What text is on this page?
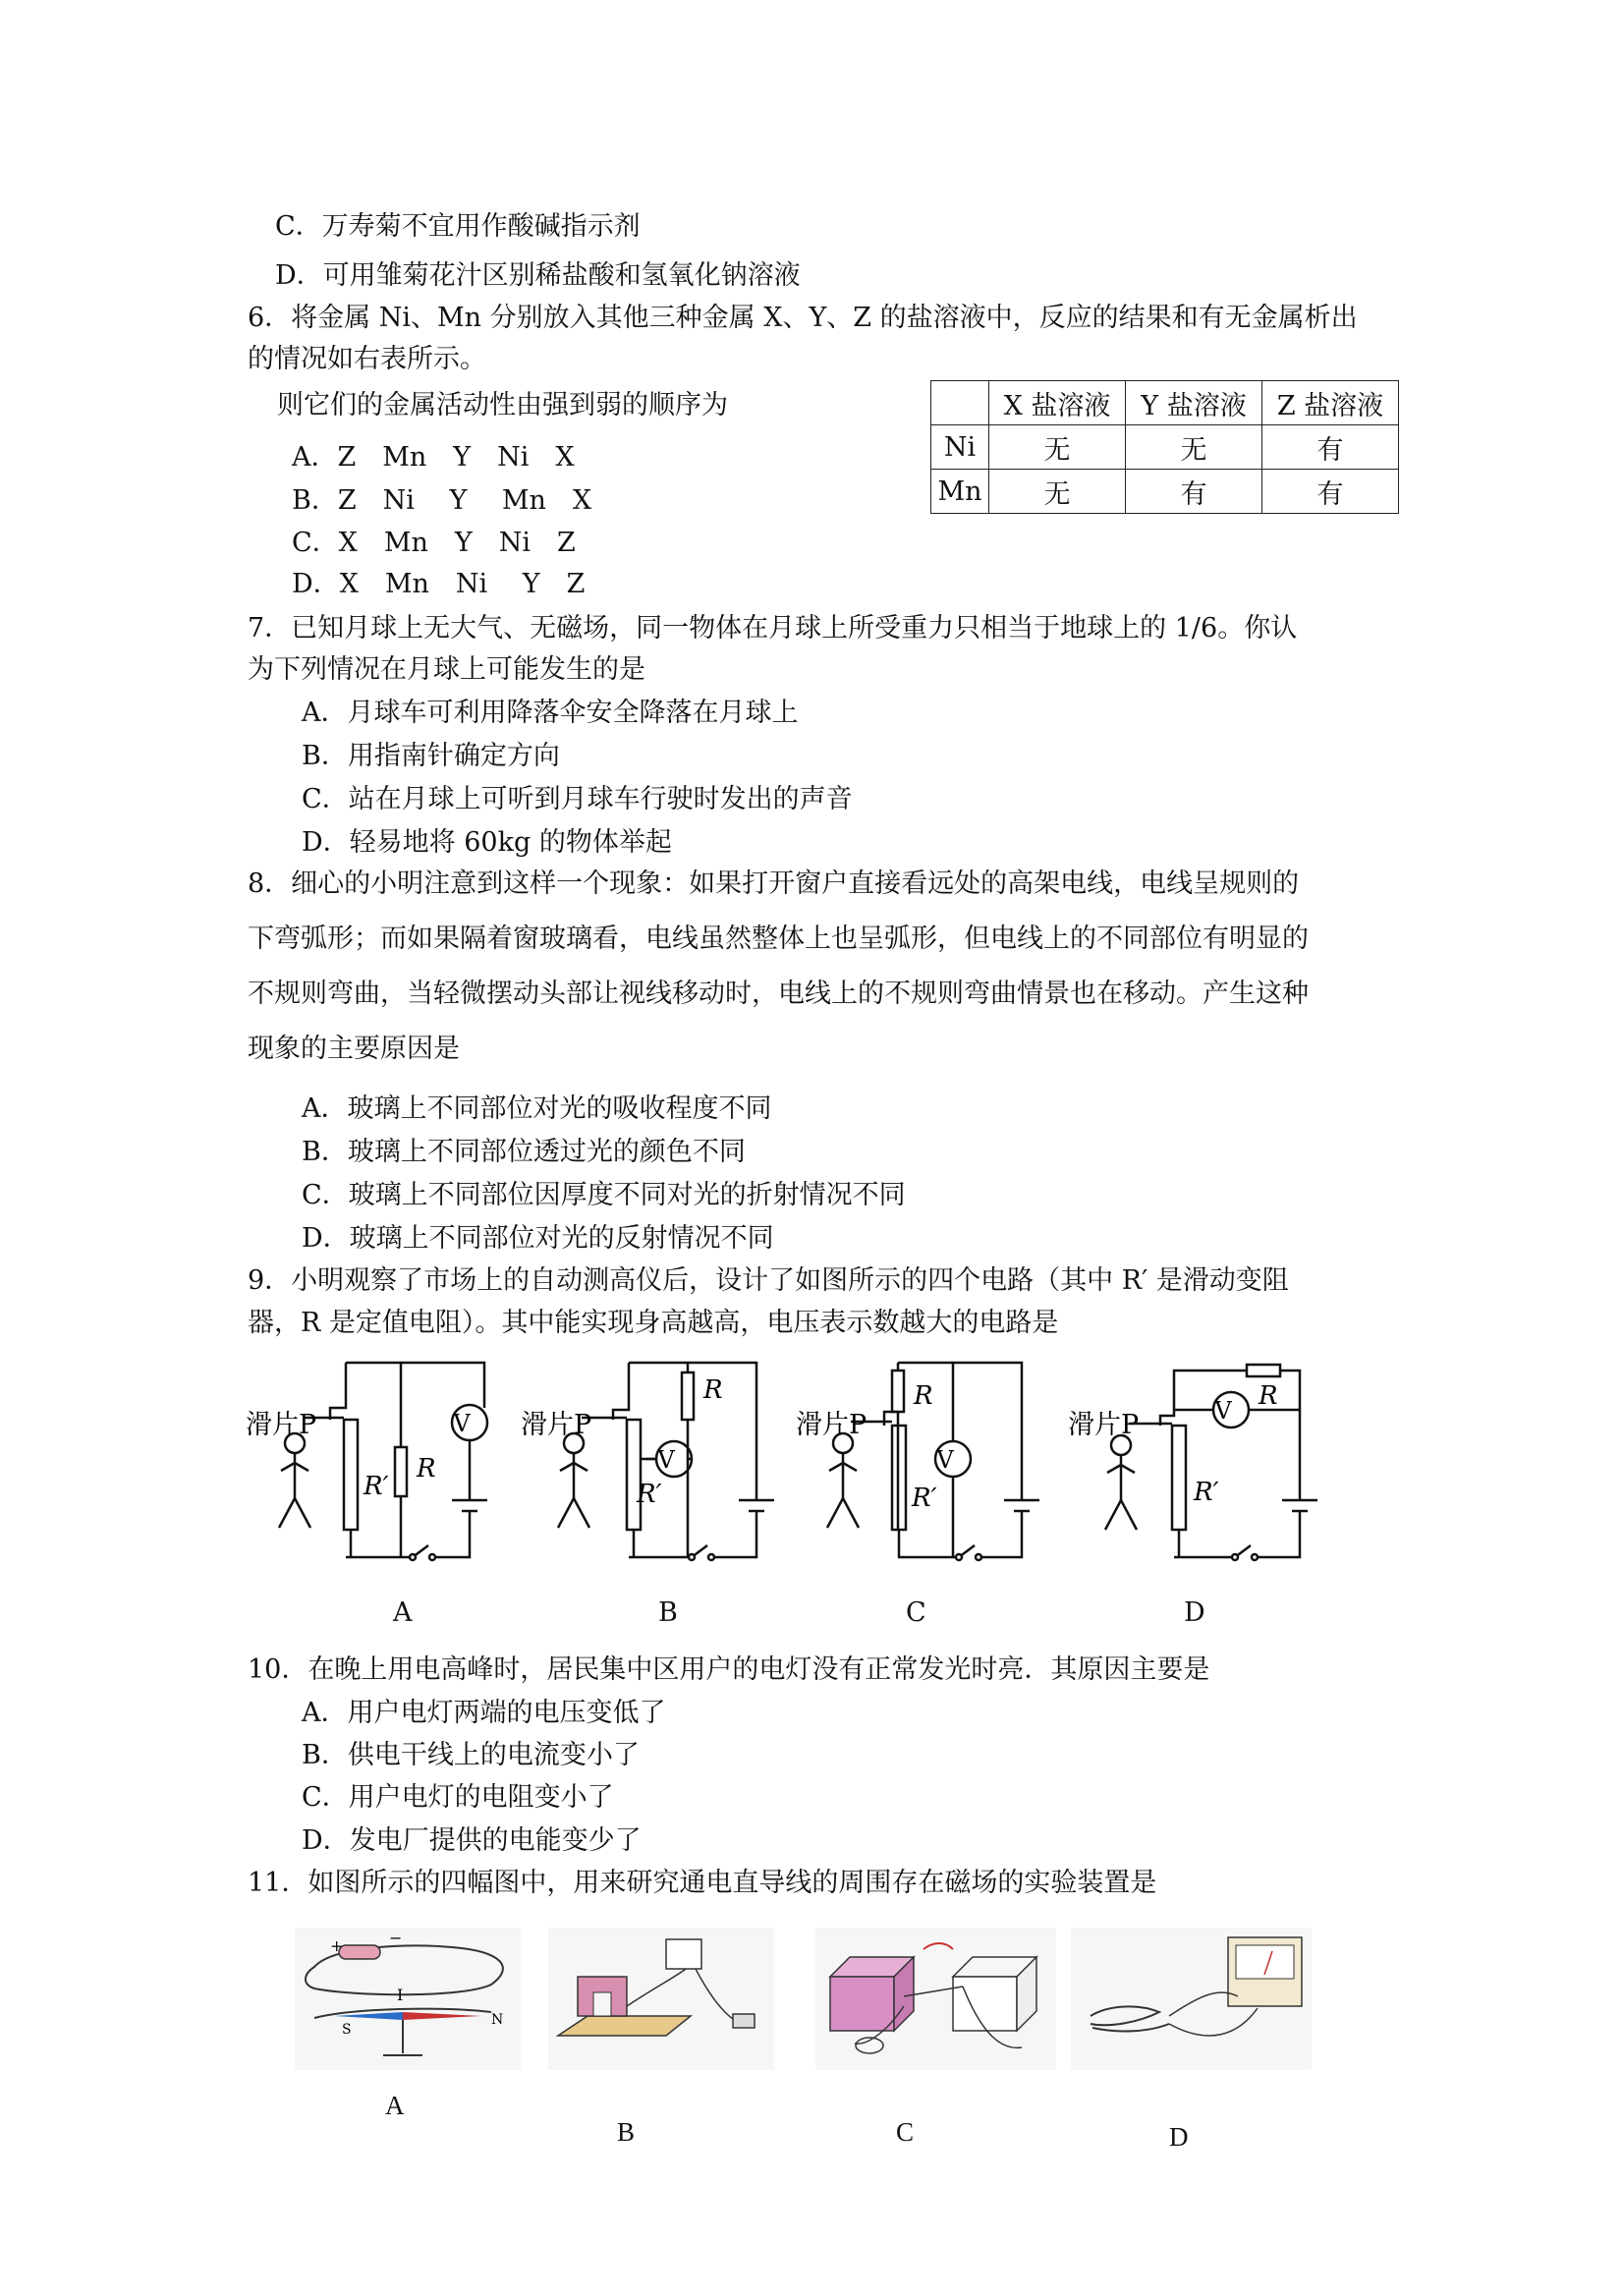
C．万寿菊不宜用作酸碱指示剂
D．可用雏菊花汁区别稀盐酸和氢氧化钠溶液
6．将金属 Ni、Mn 分别放入其他三种金属 X、Y、Z 的盐溶液中，反应的结果和有无金属析出
的情况如右表所示。
则它们的金属活动性由强到弱的顺序为
A．Z　Mn　Y　Ni　X
B．Z　Ni　 Y　 Mn　X
C．X　Mn　Y　Ni　Z
D．X　Mn　Ni　 Y　Z
	X 盐溶液	Y 盐溶液	Z 盐溶液
Ni	无	无	有
Mn	无	有	有
7．已知月球上无大气、无磁场，同一物体在月球上所受重力只相当于地球上的 1/6。你认
为下列情况在月球上可能发生的是
A．月球车可利用降落伞安全降落在月球上
B．用指南针确定方向
C．站在月球上可听到月球车行驶时发出的声音
D．轻易地将 60kg 的物体举起
8．细心的小明注意到这样一个现象：如果打开窗户直接看远处的高架电线，电线呈规则的
下弯弧形；而如果隔着窗玻璃看，电线虽然整体上也呈弧形，但电线上的不同部位有明显的
不规则弯曲，当轻微摆动头部让视线移动时，电线上的不规则弯曲情景也在移动。产生这种
现象的主要原因是
A．玻璃上不同部位对光的吸收程度不同
B．玻璃上不同部位透过光的颜色不同
C．玻璃上不同部位因厚度不同对光的折射情况不同
D．玻璃上不同部位对光的反射情况不同
9．小明观察了市场上的自动测高仪后，设计了如图所示的四个电路（其中 R′ 是滑动变阻
器，R 是定值电阻）。其中能实现身高越高，电压表示数越大的电路是
V
R
R′
滑片P
V
R
R′
滑片P
V
R
R′
滑片P	V R
R′
滑片P
A	B	C	D
10．在晚上用电高峰时，居民集中区用户的电灯没有正常发光时亮．其原因主要是
A．用户电灯两端的电压变低了
B．供电干线上的电流变小了
C．用户电灯的电阻变小了
D．发电厂提供的电能变少了
11．如图所示的四幅图中，用来研究通电直导线的周围存在磁场的实验装置是
+	−
I
S
N
A
B	C	D
